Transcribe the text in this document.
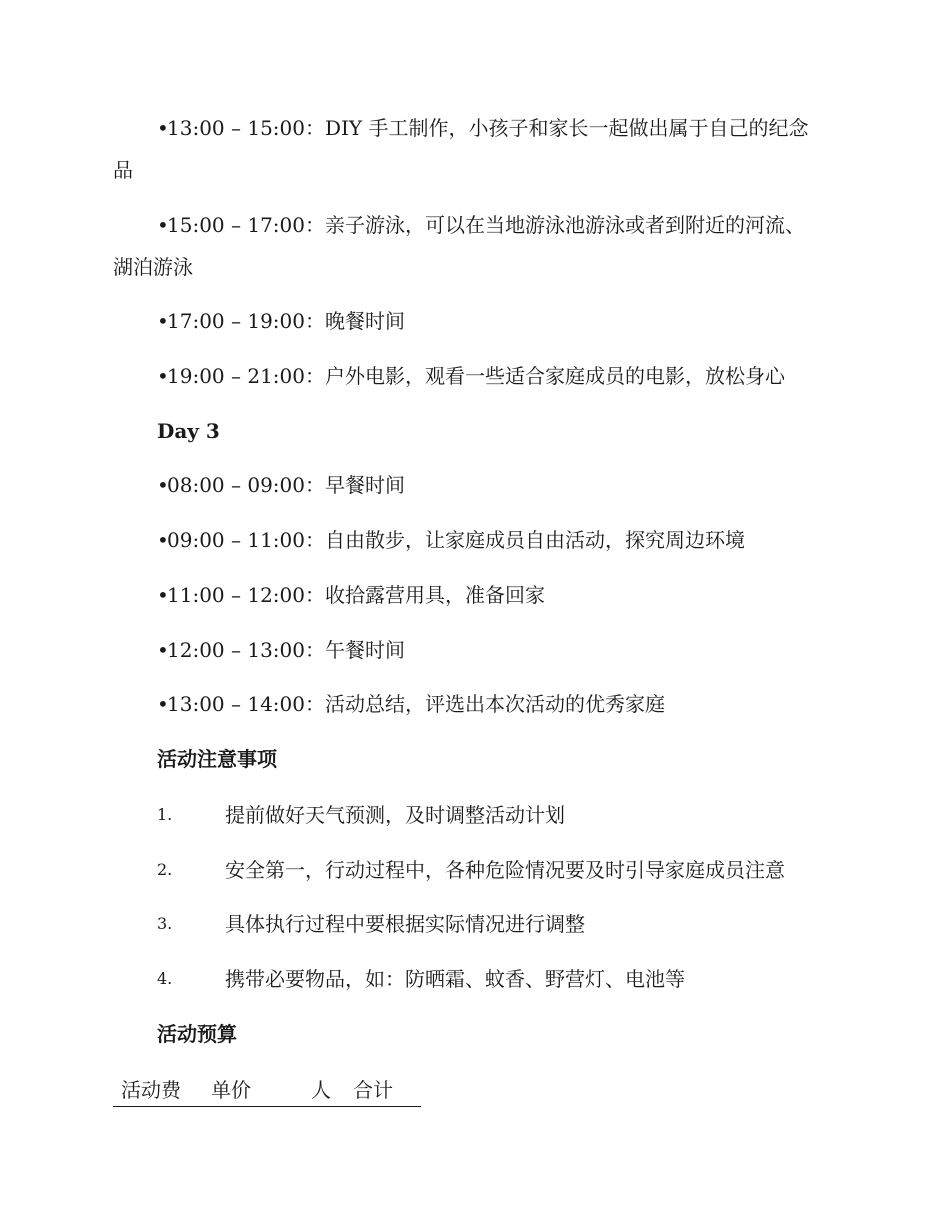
•13:00 – 15:00：DIY 手工制作，小孩子和家长一起做出属于自己的纪念
品
•15:00 – 17:00：亲子游泳，可以在当地游泳池游泳或者到附近的河流、
湖泊游泳
•17:00 – 19:00：晚餐时间
•19:00 – 21:00：户外电影，观看一些适合家庭成员的电影，放松身心
Day 3
•08:00 – 09:00：早餐时间
•09:00 – 11:00：自由散步，让家庭成员自由活动，探究周边环境
•11:00 – 12:00：收拾露营用具，准备回家
•12:00 – 13:00：午餐时间
•13:00 – 14:00：活动总结，评选出本次活动的优秀家庭
活动注意事项
1.	提前做好天气预测，及时调整活动计划
2.	安全第一，行动过程中，各种危险情况要及时引导家庭成员注意
3.	具体执行过程中要根据实际情况进行调整
4.	携带必要物品，如：防晒霜、蚊香、野营灯、电池等
活动预算
活动费 单价	人 合计
